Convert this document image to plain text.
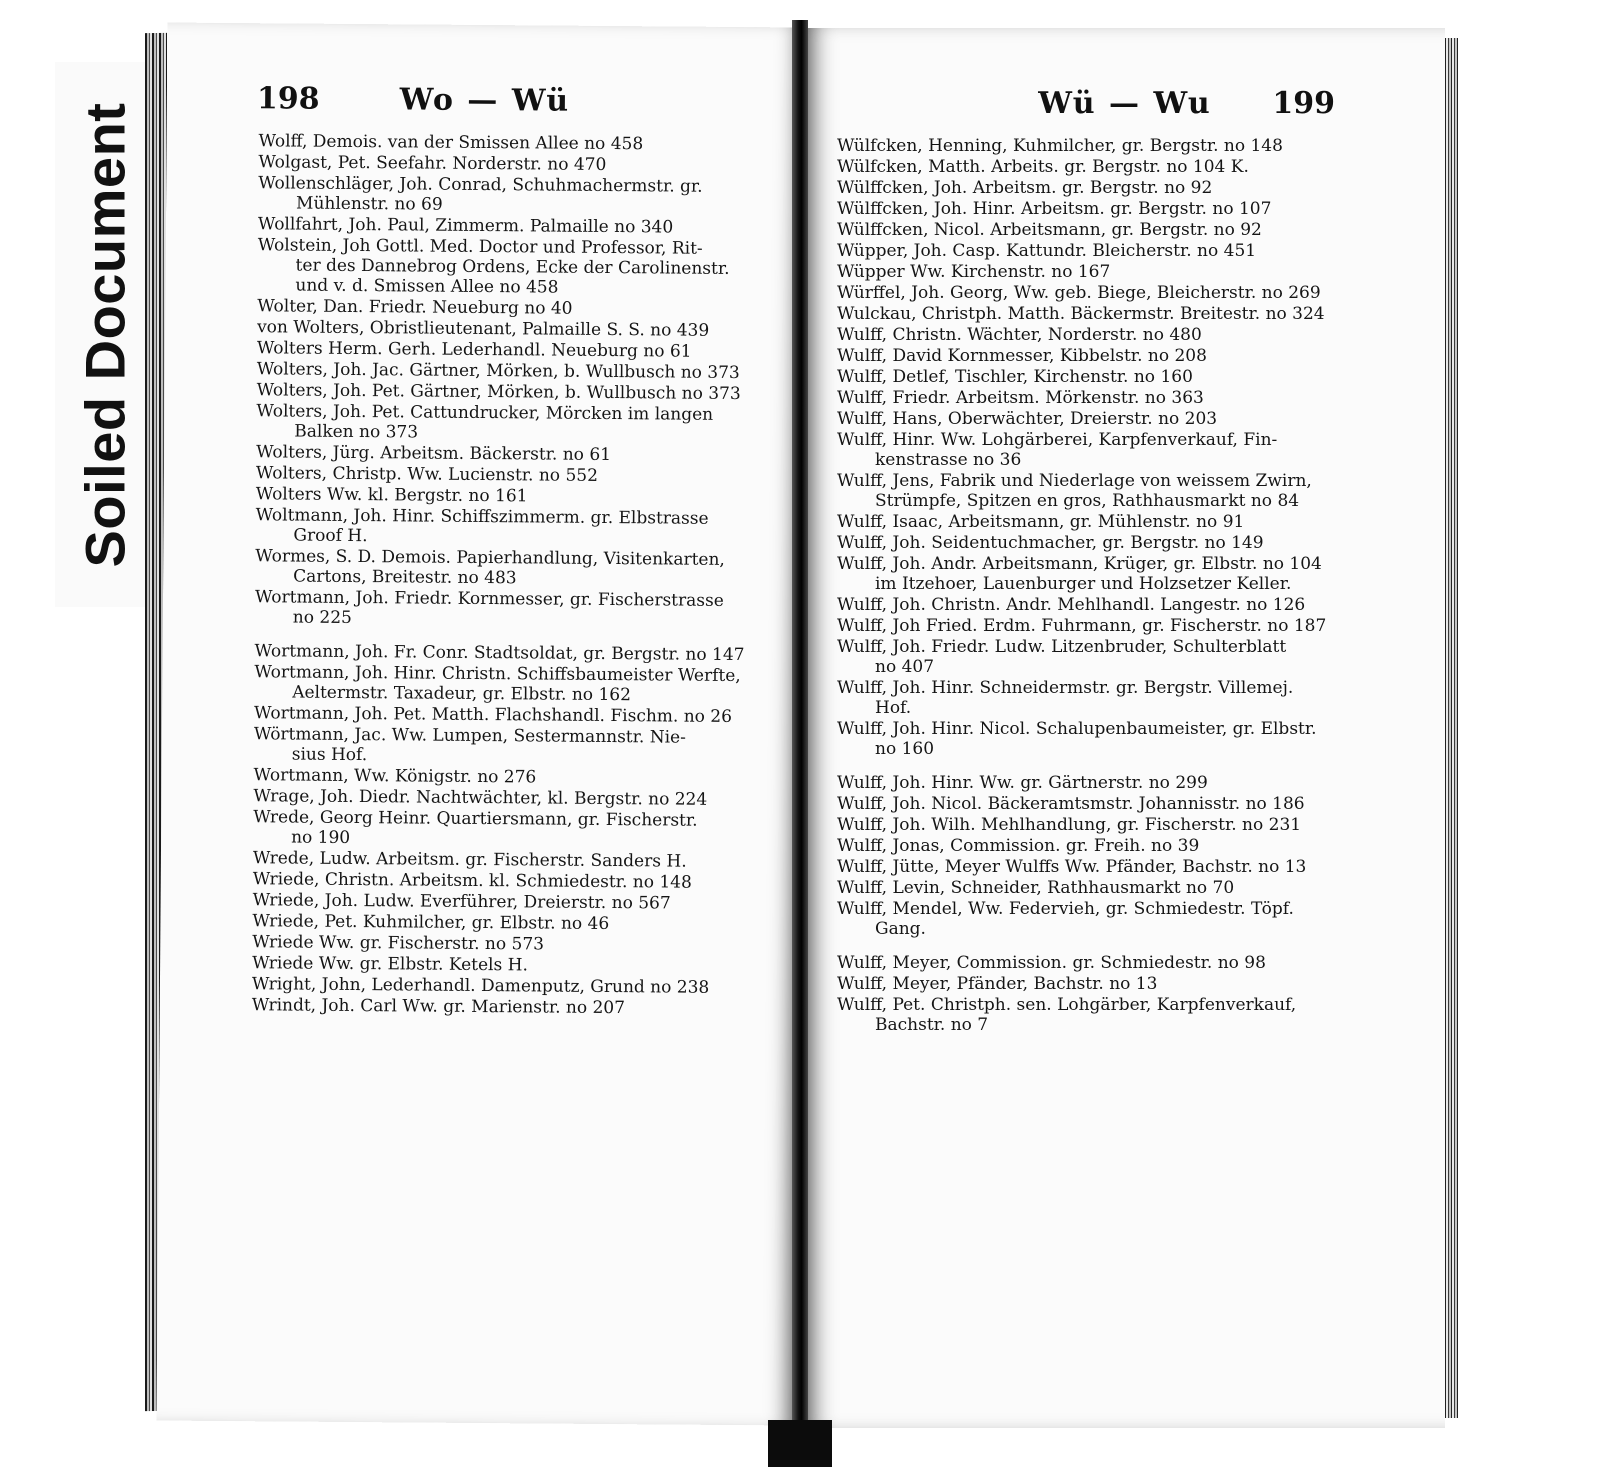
Soiled Document
198	Wo — Wü
Wolff, Demois. van der Smissen Allee no 458
Wolgast, Pet. Seefahr. Norderstr. no 470
Wollenschläger, Joh. Conrad, Schuhmachermstr. gr.

Mühlenstr. no 69
Wollfahrt, Joh. Paul, Zimmerm. Palmaille no 340
Wolstein, Joh Gottl. Med. Doctor und Professor, Rit-

ter des Dannebrog Ordens, Ecke der Carolinenstr.
und v. d. Smissen Allee no 458
Wolter, Dan. Friedr. Neueburg no 40
von Wolters, Obristlieutenant, Palmaille S. S. no 439
Wolters Herm. Gerh. Lederhandl. Neueburg no 61
Wolters, Joh. Jac. Gärtner, Mörken, b. Wullbusch no 373
Wolters, Joh. Pet. Gärtner, Mörken, b. Wullbusch no 373
Wolters, Joh. Pet. Cattundrucker, Mörcken im langen

Balken no 373
Wolters, Jürg. Arbeitsm. Bäckerstr. no 61
Wolters, Christp. Ww. Lucienstr. no 552
Wolters Ww. kl. Bergstr. no 161
Woltmann, Joh. Hinr. Schiffszimmerm. gr. Elbstrasse

Groof H.
Wormes, S. D. Demois. Papierhandlung, Visitenkarten,

Cartons, Breitestr. no 483
Wortmann, Joh. Friedr. Kornmesser, gr. Fischerstrasse

no 225
Wortmann, Joh. Fr. Conr. Stadtsoldat, gr. Bergstr. no 147
Wortmann, Joh. Hinr. Christn. Schiffsbaumeister Werfte,

Aeltermstr. Taxadeur, gr. Elbstr. no 162
Wortmann, Joh. Pet. Matth. Flachshandl. Fischm. no 26
Wörtmann, Jac. Ww. Lumpen, Sestermannstr. Nie-

sius Hof.
Wortmann, Ww. Königstr. no 276
Wrage, Joh. Diedr. Nachtwächter, kl. Bergstr. no 224
Wrede, Georg Heinr. Quartiersmann, gr. Fischerstr.

no 190
Wrede, Ludw. Arbeitsm. gr. Fischerstr. Sanders H.
Wriede, Christn. Arbeitsm. kl. Schmiedestr. no 148
Wriede, Joh. Ludw. Everführer, Dreierstr. no 567
Wriede, Pet. Kuhmilcher, gr. Elbstr. no 46
Wriede Ww. gr. Fischerstr. no 573
Wriede Ww. gr. Elbstr. Ketels H.
Wright, John, Lederhandl. Damenputz, Grund no 238
Wrindt, Joh. Carl Ww. gr. Marienstr. no 207
Wü — Wu	199
Wülfcken, Henning, Kuhmilcher, gr. Bergstr. no 148
Wülfcken, Matth. Arbeits. gr. Bergstr. no 104 K.
Wülffcken, Joh. Arbeitsm. gr. Bergstr. no 92
Wülffcken, Joh. Hinr. Arbeitsm. gr. Bergstr. no 107
Wülffcken, Nicol. Arbeitsmann, gr. Bergstr. no 92
Wüpper, Joh. Casp. Kattundr. Bleicherstr. no 451
Wüpper Ww. Kirchenstr. no 167
Würffel, Joh. Georg, Ww. geb. Biege, Bleicherstr. no 269
Wulckau, Christph. Matth. Bäckermstr. Breitestr. no 324
Wulff, Christn. Wächter, Norderstr. no 480
Wulff, David Kornmesser, Kibbelstr. no 208
Wulff, Detlef, Tischler, Kirchenstr. no 160
Wulff, Friedr. Arbeitsm. Mörkenstr. no 363
Wulff, Hans, Oberwächter, Dreierstr. no 203
Wulff, Hinr. Ww. Lohgärberei, Karpfenverkauf, Fin-

kenstrasse no 36
Wulff, Jens, Fabrik und Niederlage von weissem Zwirn,

Strümpfe, Spitzen en gros, Rathhausmarkt no 84
Wulff, Isaac, Arbeitsmann, gr. Mühlenstr. no 91
Wulff, Joh. Seidentuchmacher, gr. Bergstr. no 149
Wulff, Joh. Andr. Arbeitsmann, Krüger, gr. Elbstr. no 104

im Itzehoer, Lauenburger und Holzsetzer Keller.
Wulff, Joh. Christn. Andr. Mehlhandl. Langestr. no 126
Wulff, Joh Fried. Erdm. Fuhrmann, gr. Fischerstr. no 187
Wulff, Joh. Friedr. Ludw. Litzenbruder, Schulterblatt

no 407
Wulff, Joh. Hinr. Schneidermstr. gr. Bergstr. Villemej.

Hof.
Wulff, Joh. Hinr. Nicol. Schalupenbaumeister, gr. Elbstr.

no 160
Wulff, Joh. Hinr. Ww. gr. Gärtnerstr. no 299
Wulff, Joh. Nicol. Bäckeramtsmstr. Johannisstr. no 186
Wulff, Joh. Wilh. Mehlhandlung, gr. Fischerstr. no 231
Wulff, Jonas, Commission. gr. Freih. no 39
Wulff, Jütte, Meyer Wulffs Ww. Pfänder, Bachstr. no 13
Wulff, Levin, Schneider, Rathhausmarkt no 70
Wulff, Mendel, Ww. Federvieh, gr. Schmiedestr. Töpf.

Gang.
Wulff, Meyer, Commission. gr. Schmiedestr. no 98
Wulff, Meyer, Pfänder, Bachstr. no 13
Wulff, Pet. Christph. sen. Lohgärber, Karpfenverkauf,

Bachstr. no 7
